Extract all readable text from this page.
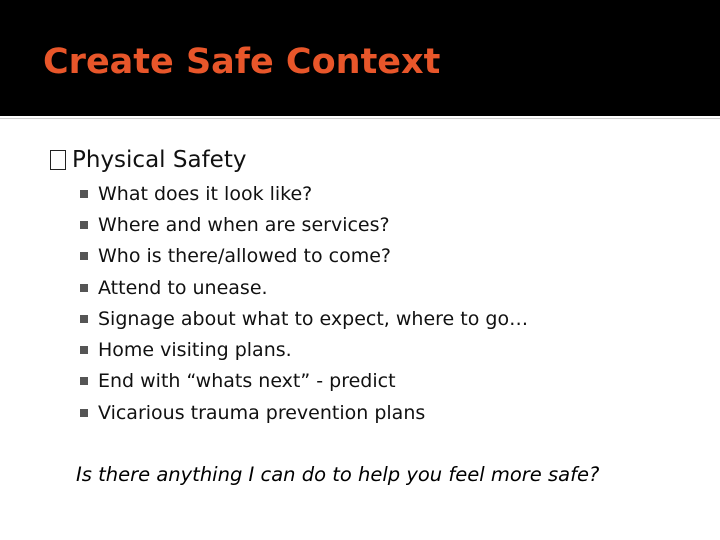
Create Safe Context
Physical Safety
What does it look like?
Where and when are services?
Who is there/allowed to come?
Attend to unease.
Signage about what to expect, where to go…
Home visiting plans.
End with “whats next” - predict
Vicarious trauma prevention plans
Is there anything I can do to help you feel more safe?
